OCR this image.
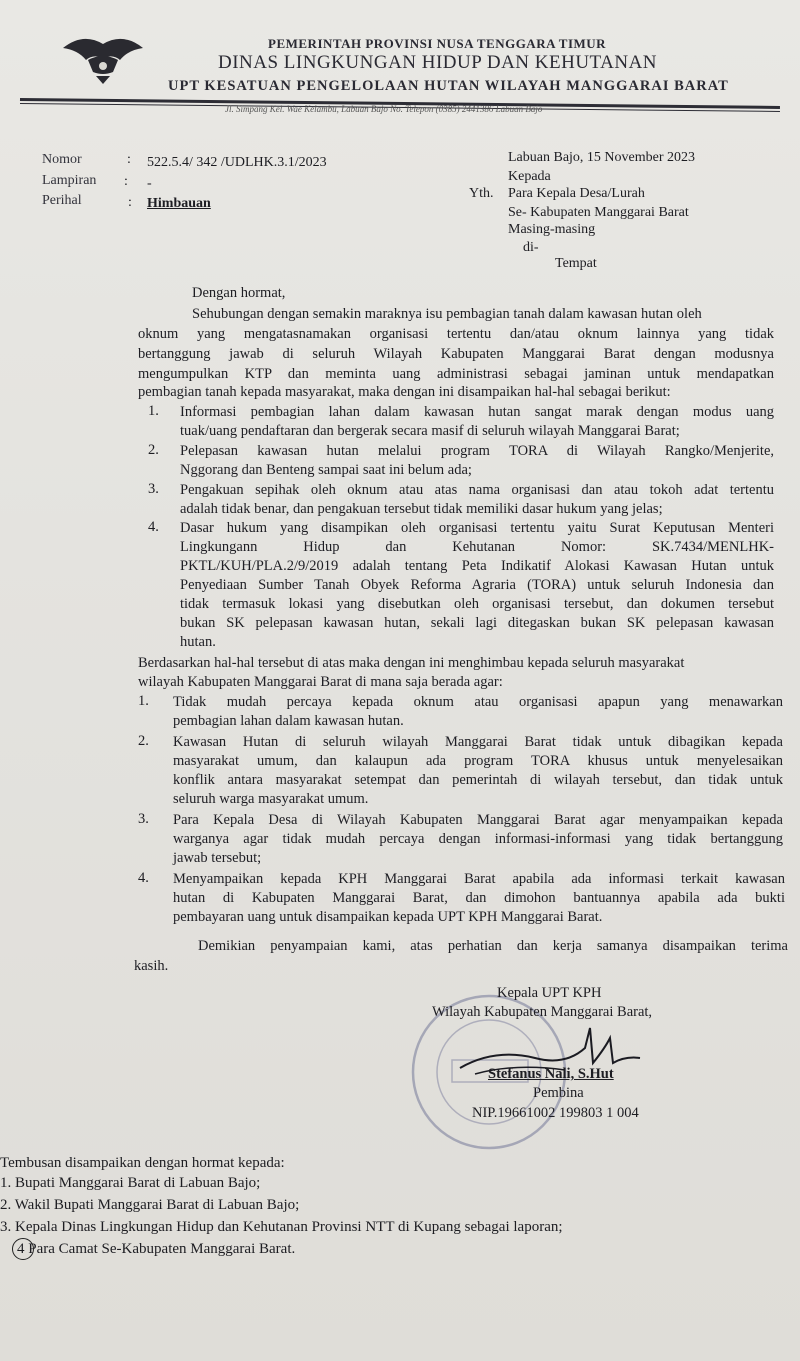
PEMERINTAH PROVINSI NUSA TENGGARA TIMUR
DINAS LINGKUNGAN HIDUP DAN KEHUTANAN
UPT KESATUAN PENGELOLAAN HUTAN WILAYAH MANGGARAI BARAT
Jl. Simpang Kel. Wae Kelambu, Labuan Bajo No. Telepon (0385) 2441386 Labuan Bajo
Nomor	: 522.5.4/ 342 /UDLHK.3.1/2023
Lampiran : -
Perihal	: Himbauan
Labuan Bajo, 15 November 2023
Kepada
Yth. Para Kepala Desa/Lurah
Se- Kabupaten Manggarai Barat
Masing-masing
di-
Tempat
Dengan hormat,
Sehubungan dengan semakin maraknya isu pembagian tanah dalam kawasan hutan oleh
oknum yang mengatasnamakan organisasi tertentu dan/atau oknum lainnya yang tidak
bertanggung jawab di seluruh Wilayah Kabupaten Manggarai Barat dengan modusnya
mengumpulkan KTP dan meminta uang administrasi sebagai jaminan untuk mendapatkan
pembagian tanah kepada masyarakat, maka dengan ini disampaikan hal-hal sebagai berikut:
1. Informasi pembagian lahan dalam kawasan hutan sangat marak dengan modus uang
tuak/uang pendaftaran dan bergerak secara masif di seluruh wilayah Manggarai Barat;
2. Pelepasan kawasan hutan melalui program TORA di Wilayah Rangko/Menjerite,
Nggorang dan Benteng sampai saat ini belum ada;
3. Pengakuan sepihak oleh oknum atau atas nama organisasi dan atau tokoh adat tertentu
adalah tidak benar, dan pengakuan tersebut tidak memiliki dasar hukum yang jelas;
4. Dasar hukum yang disampikan oleh organisasi tertentu yaitu Surat Keputusan Menteri
Lingkungann Hidup dan Kehutanan Nomor: SK.7434/MENLHK-
PKTL/KUH/PLA.2/9/2019 adalah tentang Peta Indikatif Alokasi Kawasan Hutan untuk
Penyediaan Sumber Tanah Obyek Reforma Agraria (TORA) untuk seluruh Indonesia dan
tidak termasuk lokasi yang disebutkan oleh organisasi tersebut, dan dokumen tersebut
bukan SK pelepasan kawasan hutan, sekali lagi ditegaskan bukan SK pelepasan kawasan
hutan.
Berdasarkan hal-hal tersebut di atas maka dengan ini menghimbau kepada seluruh masyarakat
wilayah Kabupaten Manggarai Barat di mana saja berada agar:
1. Tidak mudah percaya kepada oknum atau organisasi apapun yang menawarkan
pembagian lahan dalam kawasan hutan.
2. Kawasan Hutan di seluruh wilayah Manggarai Barat tidak untuk dibagikan kepada
masyarakat umum, dan kalaupun ada program TORA khusus untuk menyelesaikan
konflik antara masyarakat setempat dan pemerintah di wilayah tersebut, dan tidak untuk
seluruh warga masyarakat umum.
3. Para Kepala Desa di Wilayah Kabupaten Manggarai Barat agar menyampaikan kepada
warganya agar tidak mudah percaya dengan informasi-informasi yang tidak bertanggung
jawab tersebut;
4. Menyampaikan kepada KPH Manggarai Barat apabila ada informasi terkait kawasan
hutan di Kabupaten Manggarai Barat, dan dimohon bantuannya apabila ada bukti
pembayaran uang untuk disampaikan kepada UPT KPH Manggarai Barat.
Demikian penyampaian kami, atas perhatian dan kerja samanya disampaikan terima
kasih.
Kepala UPT KPH
Wilayah Kabupaten Manggarai Barat,
Stefanus Nali, S.Hut
Pembina
NIP.19661002 199803 1 004
Tembusan disampaikan dengan hormat kepada:
1. Bupati Manggarai Barat di Labuan Bajo;
2. Wakil Bupati Manggarai Barat di Labuan Bajo;
3. Kepala Dinas Lingkungan Hidup dan Kehutanan Provinsi NTT di Kupang sebagai laporan;
4 Para Camat Se-Kabupaten Manggarai Barat.
